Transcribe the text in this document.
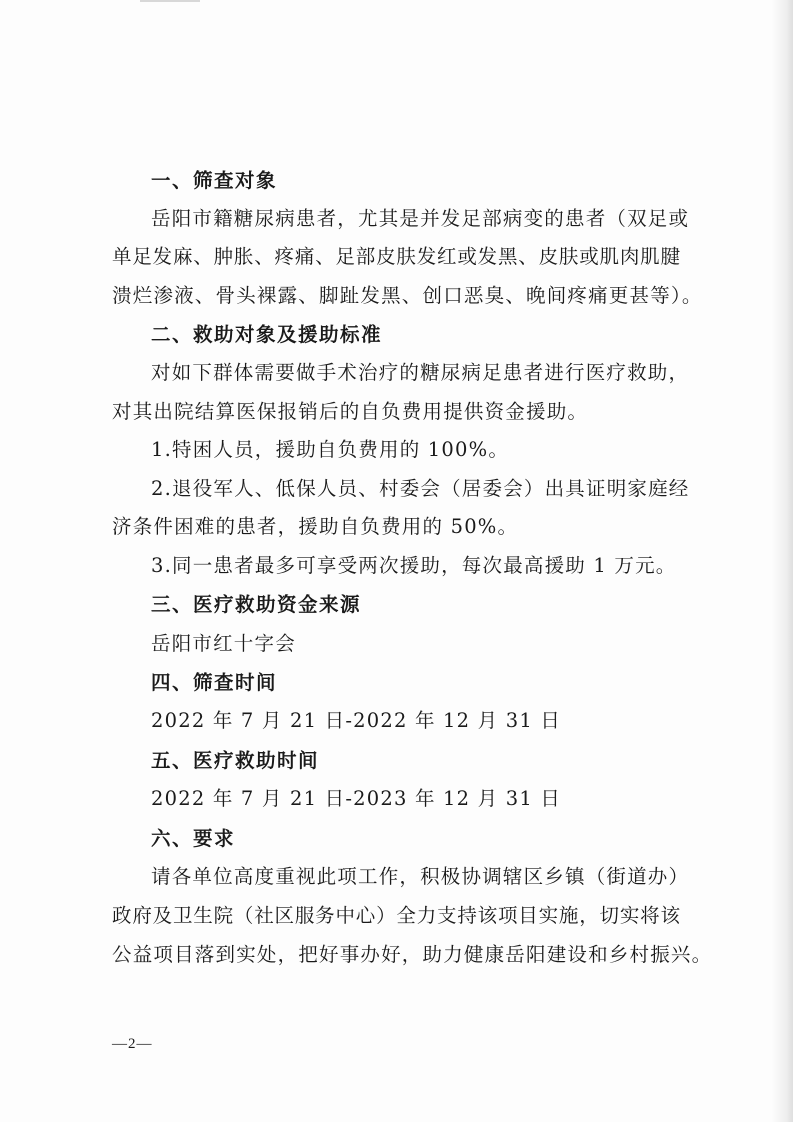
一、筛查对象
岳阳市籍糖尿病患者，尤其是并发足部病变的患者（双足或
单 足 发 麻 、 肿 胀 、 疼 痛 、 足 部 皮 肤 发 红 或 发 黑 、 皮 肤 或 肌 肉 肌 腱
溃烂渗液、骨头裸露、脚趾发黑、创口恶臭、晚间疼痛更甚等）。
二、救助对象及援助标准
对如下群体需要做手术治疗的糖尿病足患者进行医疗救助，
对其出院结算医保报销后的自负费用提供资金援助。
1.特困人员，援助自负费用的 100%。
2.退役军人、低保人员、村委会（居委会）出具证明家庭经
济条件困难的患者，援助自负费用的 50%。
3.同一患者最多可享受两次援助，每次最高援助 1 万元。
三、医疗救助资金来源
岳阳市红十字会
四、筛查时间
2022 年 7 月 21 日-2022 年 12 月 31 日
五、医疗救助时间
2022 年 7 月 21 日-2023 年 12 月 31 日
六、要求
请各单位高度重视此项工作，积极协调辖区乡镇（街道办）
政 府 及 卫 生 院 （ 社 区 服 务 中 心 ） 全 力 支 持 该 项 目 实 施 ， 切 实 将 该
公益项目落到实处，把好事办好，助力健康岳阳建设和乡村振兴。
—2—
